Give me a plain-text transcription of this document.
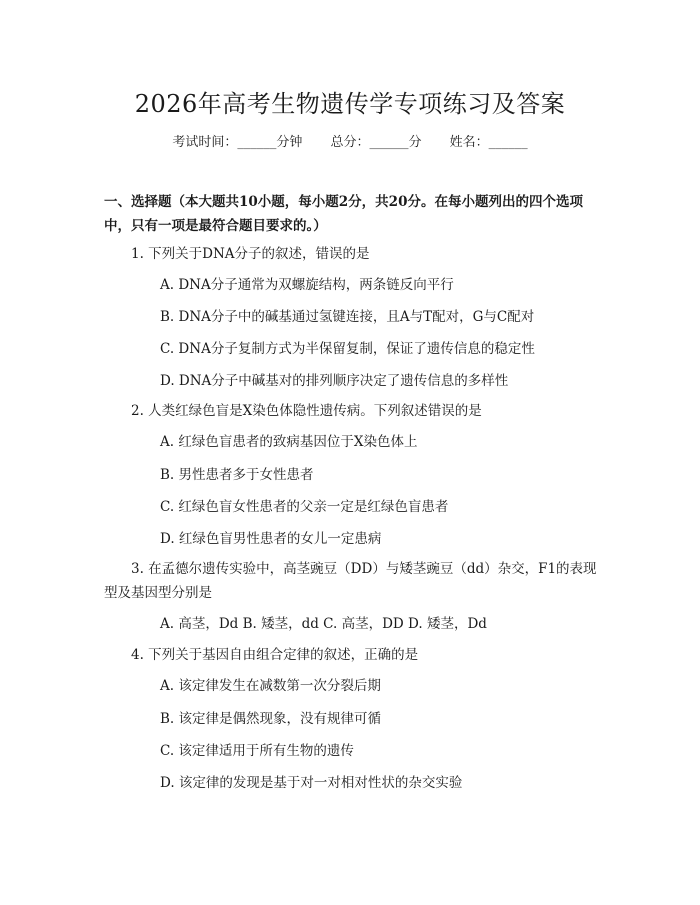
2026年高考生物遗传学专项练习及答案
考试时间：______分钟 总分：______分 姓名：______

一、选择题（本大题共10小题，每小题2分，共20分。在每小题列出的四个选项中，只有一项是最符合题目要求的。）

1. 下列关于DNA分子的叙述，错误的是

A. DNA分子通常为双螺旋结构，两条链反向平行

B. DNA分子中的碱基通过氢键连接，且A与T配对，G与C配对

C. DNA分子复制方式为半保留复制，保证了遗传信息的稳定性

D. DNA分子中碱基对的排列顺序决定了遗传信息的多样性

2. 人类红绿色盲是X染色体隐性遗传病。下列叙述错误的是

A. 红绿色盲患者的致病基因位于X染色体上

B. 男性患者多于女性患者

C. 红绿色盲女性患者的父亲一定是红绿色盲患者

D. 红绿色盲男性患者的女儿一定患病

3. 在孟德尔遗传实验中，高茎豌豆（DD）与矮茎豌豆（dd）杂交，F1的表现型及基因型分别是

A. 高茎，Dd B. 矮茎，dd C. 高茎，DD D. 矮茎，Dd

4. 下列关于基因自由组合定律的叙述，正确的是

A. 该定律发生在减数第一次分裂后期

B. 该定律是偶然现象，没有规律可循

C. 该定律适用于所有生物的遗传

D. 该定律的发现是基于对一对相对性状的杂交实验
